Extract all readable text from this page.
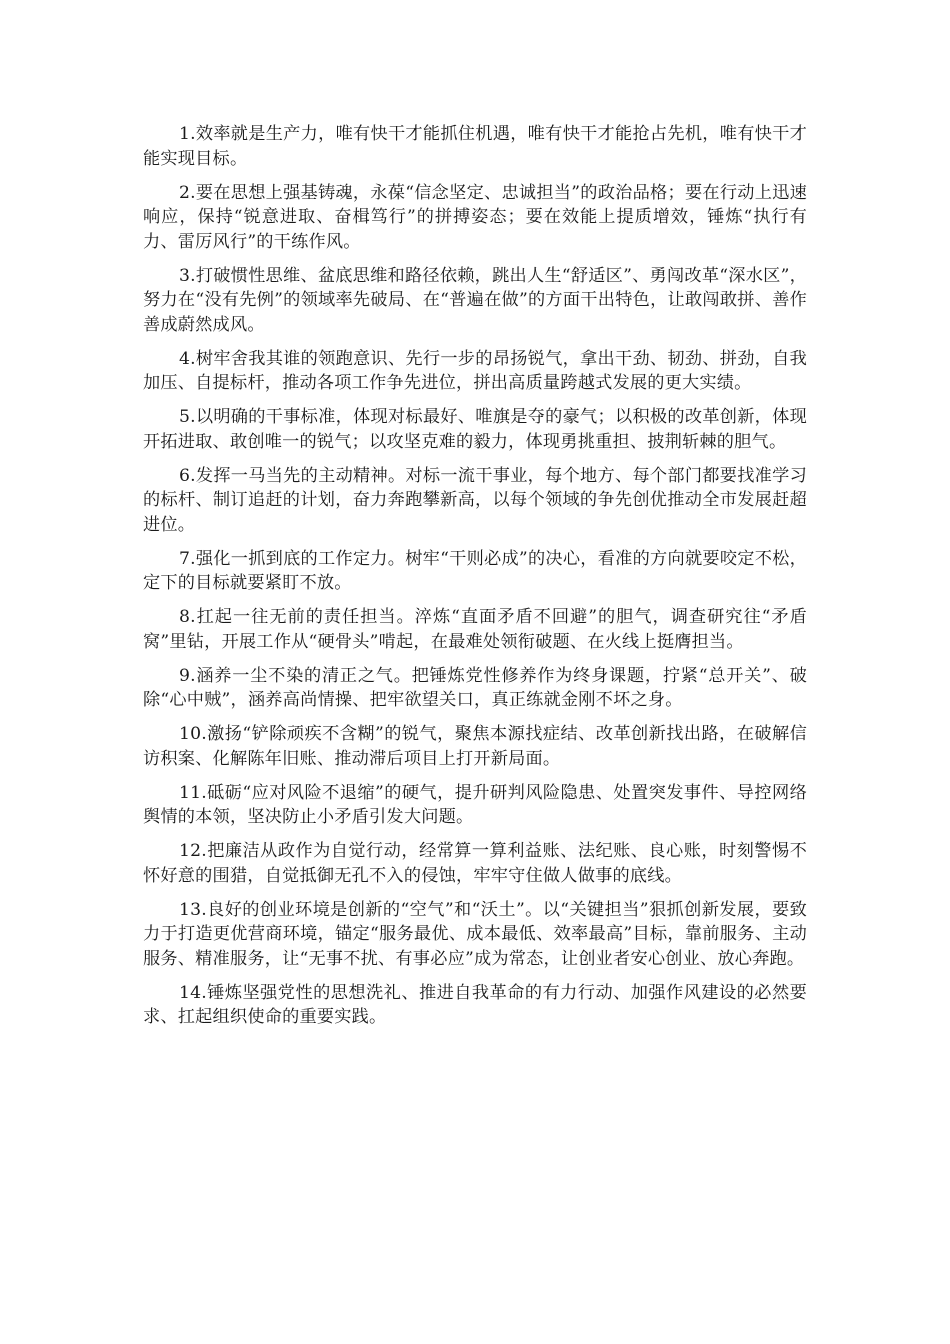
1.效率就是生产力，唯有快干才能抓住机遇，唯有快干才能抢占先机，唯有快干才能实现目标。

2.要在思想上强基铸魂，永葆“信念坚定、忠诚担当”的政治品格；要在行动上迅速响应，保持“锐意进取、奋楫笃行”的拼搏姿态；要在效能上提质增效，锤炼“执行有力、雷厉风行”的干练作风。

3.打破惯性思维、盆底思维和路径依赖，跳出人生“舒适区”、勇闯改革“深水区”，努力在“没有先例”的领域率先破局、在“普遍在做”的方面干出特色，让敢闯敢拼、善作善成蔚然成风。

4.树牢舍我其谁的领跑意识、先行一步的昂扬锐气，拿出干劲、韧劲、拼劲，自我加压、自提标杆，推动各项工作争先进位，拼出高质量跨越式发展的更大实绩。

5.以明确的干事标准，体现对标最好、唯旗是夺的豪气；以积极的改革创新，体现开拓进取、敢创唯一的锐气；以攻坚克难的毅力，体现勇挑重担、披荆斩棘的胆气。

6.发挥一马当先的主动精神。对标一流干事业，每个地方、每个部门都要找准学习的标杆、制订追赶的计划，奋力奔跑攀新高，以每个领域的争先创优推动全市发展赶超进位。

7.强化一抓到底的工作定力。树牢“干则必成”的决心，看准的方向就要咬定不松，定下的目标就要紧盯不放。

8.扛起一往无前的责任担当。淬炼“直面矛盾不回避”的胆气，调查研究往“矛盾窝”里钻，开展工作从“硬骨头”啃起，在最难处领衔破题、在火线上挺膺担当。

9.涵养一尘不染的清正之气。把锤炼党性修养作为终身课题，拧紧“总开关”、破除“心中贼”，涵养高尚情操、把牢欲望关口，真正练就金刚不坏之身。

10.激扬“铲除顽疾不含糊”的锐气，聚焦本源找症结、改革创新找出路，在破解信访积案、化解陈年旧账、推动滞后项目上打开新局面。

11.砥砺“应对风险不退缩”的硬气，提升研判风险隐患、处置突发事件、导控网络舆情的本领，坚决防止小矛盾引发大问题。

12.把廉洁从政作为自觉行动，经常算一算利益账、法纪账、良心账，时刻警惕不怀好意的围猎，自觉抵御无孔不入的侵蚀，牢牢守住做人做事的底线。

13.良好的创业环境是创新的“空气”和“沃土”。以“关键担当”狠抓创新发展，要致力于打造更优营商环境，锚定“服务最优、成本最低、效率最高”目标，靠前服务、主动服务、精准服务，让“无事不扰、有事必应”成为常态，让创业者安心创业、放心奔跑。

14.锤炼坚强党性的思想洗礼、推进自我革命的有力行动、加强作风建设的必然要求、扛起组织使命的重要实践。
